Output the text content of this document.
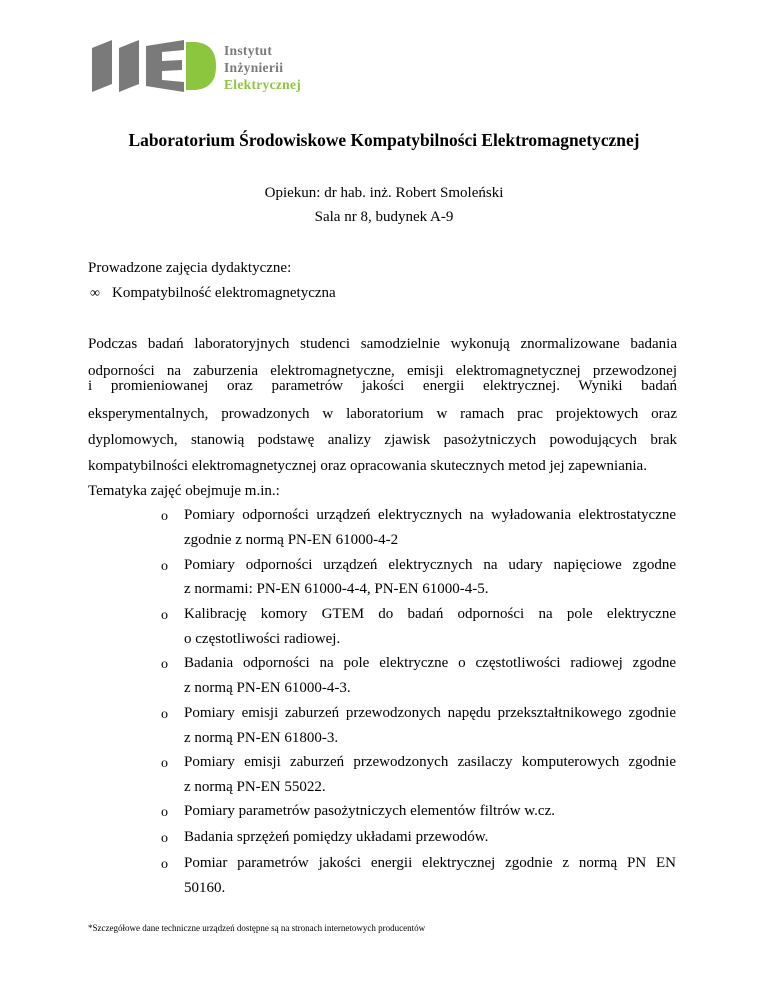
Instytut
Inżynierii
Elektrycznej
Laboratorium Środowiskowe Kompatybilności Elektromagnetycznej
Opiekun: dr hab. inż. Robert Smoleński
Sala nr 8, budynek A-9
Prowadzone zajęcia dydaktyczne:
∞ Kompatybilność elektromagnetyczna
Podczas badań laboratoryjnych studenci samodzielnie wykonują znormalizowane badania
odporności na zaburzenia elektromagnetyczne, emisji elektromagnetycznej przewodzonej
i promieniowanej oraz parametrów jakości energii elektrycznej. Wyniki badań
eksperymentalnych, prowadzonych w laboratorium w ramach prac projektowych oraz
dyplomowych, stanowią podstawę analizy zjawisk pasożytniczych powodujących brak
kompatybilności elektromagnetycznej oraz opracowania skutecznych metod jej zapewniania.
Tematyka zajęć obejmuje m.in.:
o Pomiary odporności urządzeń elektrycznych na wyładowania elektrostatyczne
zgodnie z normą PN-EN 61000-4-2
o Pomiary odporności urządzeń elektrycznych na udary napięciowe zgodne
z normami: PN-EN 61000-4-4, PN-EN 61000-4-5.
o Kalibrację komory GTEM do badań odporności na pole elektryczne
o częstotliwości radiowej.
o Badania odporności na pole elektryczne o częstotliwości radiowej zgodne
z normą PN-EN 61000-4-3.
o Pomiary emisji zaburzeń przewodzonych napędu przekształtnikowego zgodnie
z normą PN-EN 61800-3.
o Pomiary emisji zaburzeń przewodzonych zasilaczy komputerowych zgodnie
z normą PN-EN 55022.
o Pomiary parametrów pasożytniczych elementów filtrów w.cz.
o Badania sprzężeń pomiędzy układami przewodów.
o Pomiar parametrów jakości energii elektrycznej zgodnie z normą PN EN
50160.
*Szczegółowe dane techniczne urządzeń dostępne są na stronach internetowych producentów
